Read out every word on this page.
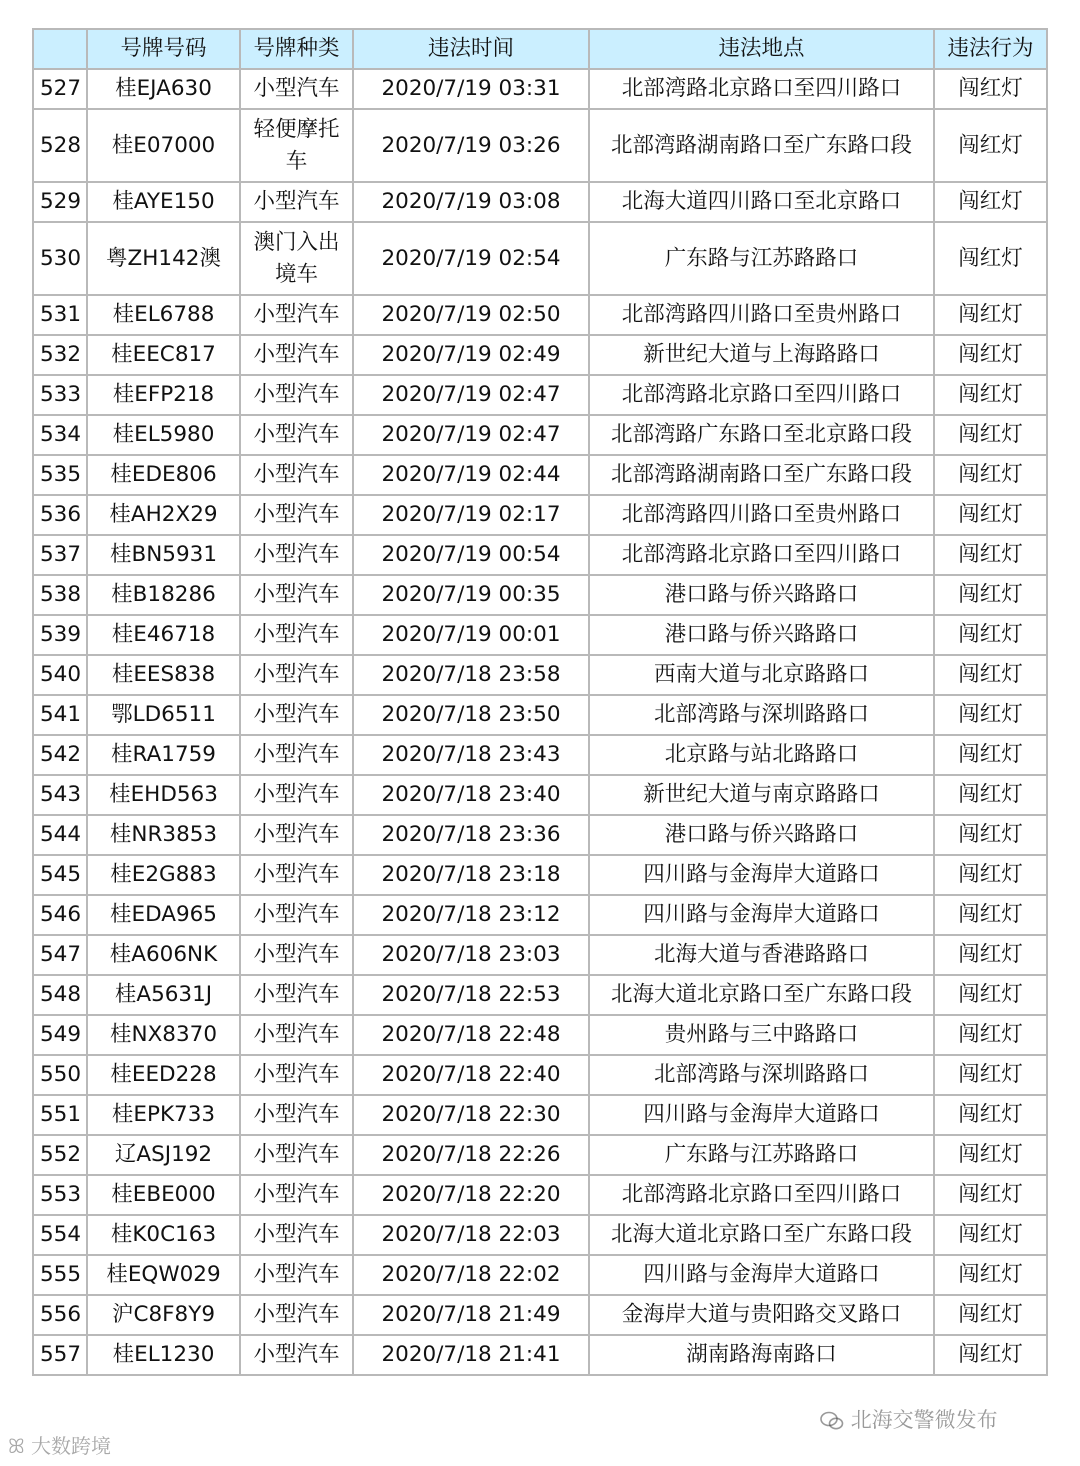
	号牌号码	号牌种类	违法时间	违法地点	违法行为
527	桂EJA630	小型汽车	2020/7/19 03:31	北部湾路北京路口至四川路口	闯红灯
528	桂E07000	轻便摩托车	2020/7/19 03:26	北部湾路湖南路口至广东路口段	闯红灯
529	桂AYE150	小型汽车	2020/7/19 03:08	北海大道四川路口至北京路口	闯红灯
530	粤ZH142澳	澳门入出境车	2020/7/19 02:54	广东路与江苏路路口	闯红灯
531	桂EL6788	小型汽车	2020/7/19 02:50	北部湾路四川路口至贵州路口	闯红灯
532	桂EEC817	小型汽车	2020/7/19 02:49	新世纪大道与上海路路口	闯红灯
533	桂EFP218	小型汽车	2020/7/19 02:47	北部湾路北京路口至四川路口	闯红灯
534	桂EL5980	小型汽车	2020/7/19 02:47	北部湾路广东路口至北京路口段	闯红灯
535	桂EDE806	小型汽车	2020/7/19 02:44	北部湾路湖南路口至广东路口段	闯红灯
536	桂AH2X29	小型汽车	2020/7/19 02:17	北部湾路四川路口至贵州路口	闯红灯
537	桂BN5931	小型汽车	2020/7/19 00:54	北部湾路北京路口至四川路口	闯红灯
538	桂B18286	小型汽车	2020/7/19 00:35	港口路与侨兴路路口	闯红灯
539	桂E46718	小型汽车	2020/7/19 00:01	港口路与侨兴路路口	闯红灯
540	桂EES838	小型汽车	2020/7/18 23:58	西南大道与北京路路口	闯红灯
541	鄂LD6511	小型汽车	2020/7/18 23:50	北部湾路与深圳路路口	闯红灯
542	桂RA1759	小型汽车	2020/7/18 23:43	北京路与站北路路口	闯红灯
543	桂EHD563	小型汽车	2020/7/18 23:40	新世纪大道与南京路路口	闯红灯
544	桂NR3853	小型汽车	2020/7/18 23:36	港口路与侨兴路路口	闯红灯
545	桂E2G883	小型汽车	2020/7/18 23:18	四川路与金海岸大道路口	闯红灯
546	桂EDA965	小型汽车	2020/7/18 23:12	四川路与金海岸大道路口	闯红灯
547	桂A606NK	小型汽车	2020/7/18 23:03	北海大道与香港路路口	闯红灯
548	桂A5631J	小型汽车	2020/7/18 22:53	北海大道北京路口至广东路口段	闯红灯
549	桂NX8370	小型汽车	2020/7/18 22:48	贵州路与三中路路口	闯红灯
550	桂EED228	小型汽车	2020/7/18 22:40	北部湾路与深圳路路口	闯红灯
551	桂EPK733	小型汽车	2020/7/18 22:30	四川路与金海岸大道路口	闯红灯
552	辽ASJ192	小型汽车	2020/7/18 22:26	广东路与江苏路路口	闯红灯
553	桂EBE000	小型汽车	2020/7/18 22:20	北部湾路北京路口至四川路口	闯红灯
554	桂K0C163	小型汽车	2020/7/18 22:03	北海大道北京路口至广东路口段	闯红灯
555	桂EQW029	小型汽车	2020/7/18 22:02	四川路与金海岸大道路口	闯红灯
556	沪C8F8Y9	小型汽车	2020/7/18 21:49	金海岸大道与贵阳路交叉路口	闯红灯
557	桂EL1230	小型汽车	2020/7/18 21:41	湖南路海南路口	闯红灯
北海交警微发布
ꕤ 大数跨境
